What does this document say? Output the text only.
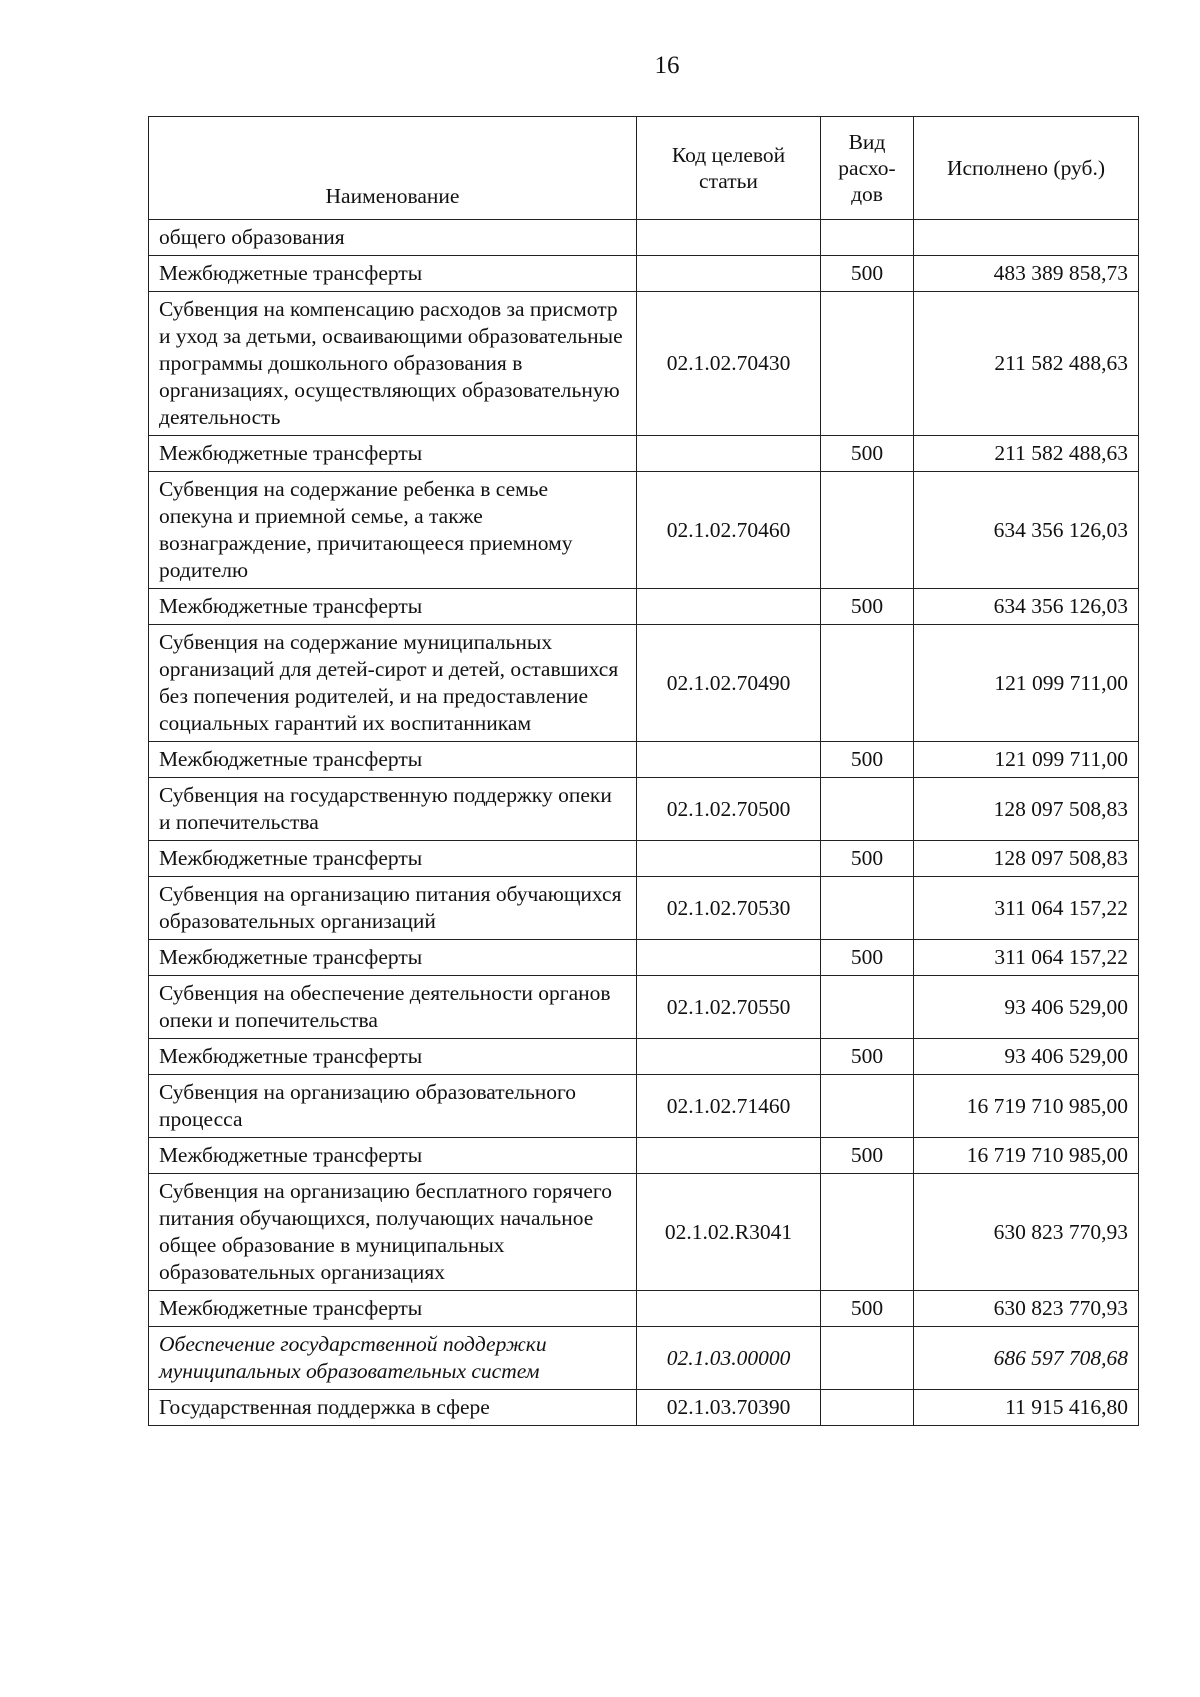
16
Наименование	Код целевой статьи	Вид расхо-дов	Исполнено (руб.)
общего образования			
Межбюджетные трансферты		500	483 389 858,73
Субвенция на компенсацию расходов за присмотр и уход за детьми, осваивающими образовательные программы дошкольного образования в организациях, осуществляющих образовательную деятельность	02.1.02.70430		211 582 488,63
Межбюджетные трансферты		500	211 582 488,63
Субвенция на содержание ребенка в семье опекуна и приемной семье, а также вознаграждение, причитающееся приемному родителю	02.1.02.70460		634 356 126,03
Межбюджетные трансферты		500	634 356 126,03
Субвенция на содержание муниципальных организаций для детей-сирот и детей, оставшихся без попечения родителей, и на предоставление социальных гарантий их воспитанникам	02.1.02.70490		121 099 711,00
Межбюджетные трансферты		500	121 099 711,00
Субвенция на государственную поддержку опеки и попечительства	02.1.02.70500		128 097 508,83
Межбюджетные трансферты		500	128 097 508,83
Субвенция на организацию питания обучающихся образовательных организаций	02.1.02.70530		311 064 157,22
Межбюджетные трансферты		500	311 064 157,22
Субвенция на обеспечение деятельности органов опеки и попечительства	02.1.02.70550		93 406 529,00
Межбюджетные трансферты		500	93 406 529,00
Субвенция на организацию образовательного процесса	02.1.02.71460		16 719 710 985,00
Межбюджетные трансферты		500	16 719 710 985,00
Субвенция на организацию бесплатного горячего питания обучающихся, получающих начальное общее образование в муниципальных образовательных организациях	02.1.02.R3041		630 823 770,93
Межбюджетные трансферты		500	630 823 770,93
Обеспечение государственной поддержки муниципальных образовательных систем	02.1.03.00000		686 597 708,68
Государственная поддержка в сфере	02.1.03.70390		11 915 416,80
